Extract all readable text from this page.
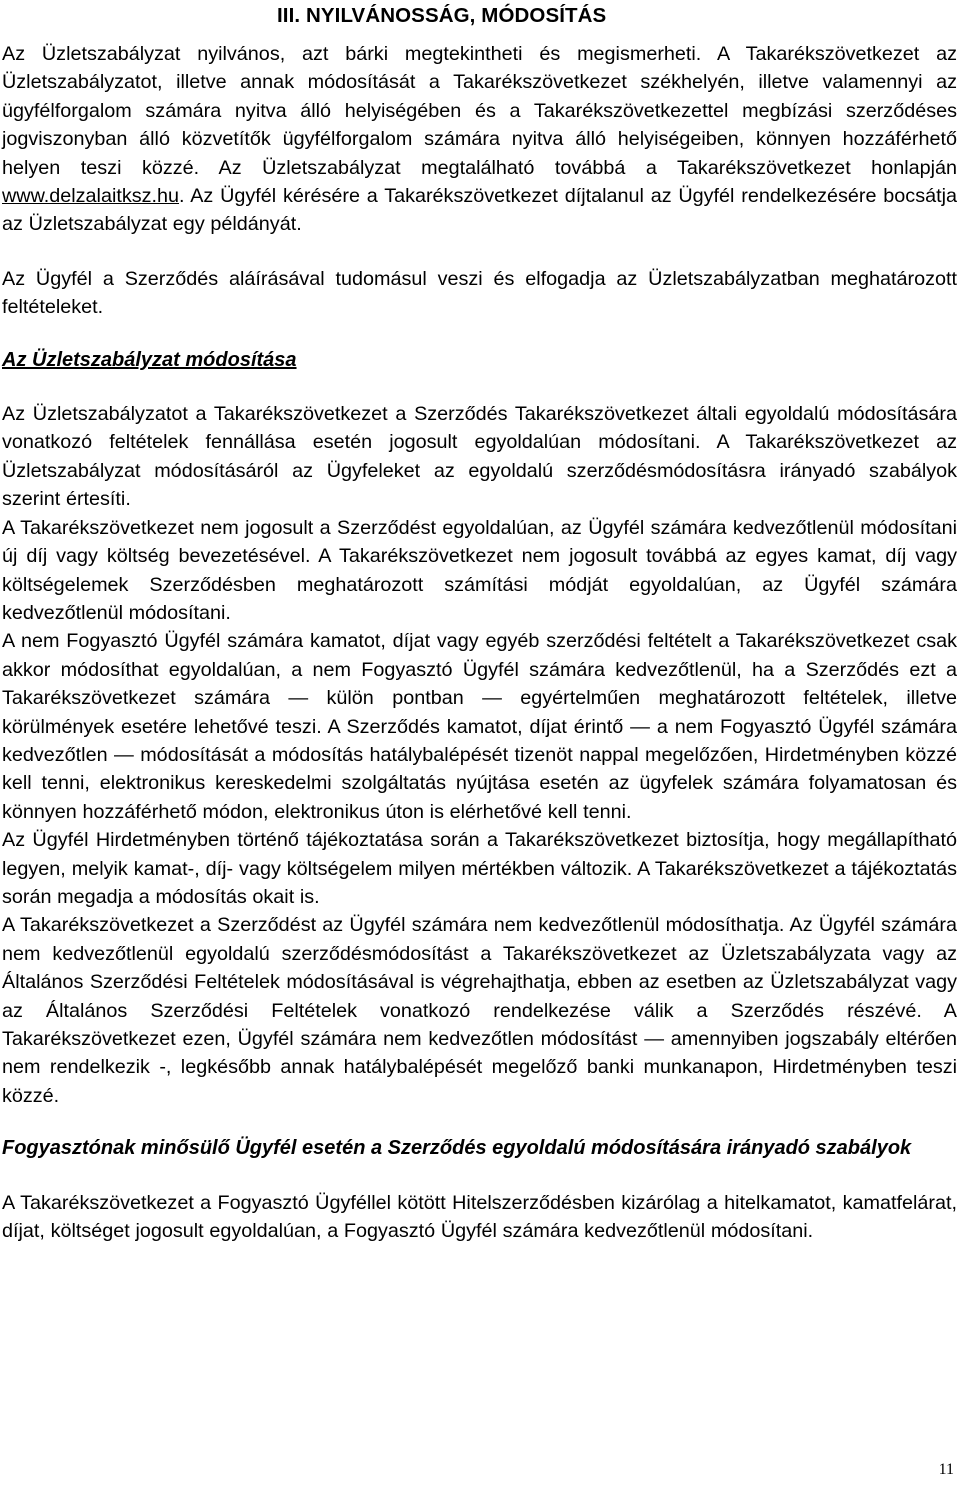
III. NYILVÁNOSSÁG, MÓDOSÍTÁS

Az Üzletszabályzat nyilvános, azt bárki megtekintheti és megismerheti. A Takarékszövetkezet az Üzletszabályzatot, illetve annak módosítását a Takarékszövetkezet székhelyén, illetve valamennyi az ügyfélforgalom számára nyitva álló helyiségében és a Takarékszövetkezettel megbízási szerződéses jogviszonyban álló közvetítők ügyfélforgalom számára nyitva álló helyiségeiben, könnyen hozzáférhető helyen teszi közzé. Az Üzletszabályzat megtalálható továbbá a Takarékszövetkezet honlapján www.delzalaitksz.hu. Az Ügyfél kérésére a Takarékszövetkezet díjtalanul az Ügyfél rendelkezésére bocsátja az Üzletszabályzat egy példányát.

Az Ügyfél a Szerződés aláírásával tudomásul veszi és elfogadja az Üzletszabályzatban meghatározott feltételeket.

Az Üzletszabályzat módosítása

Az Üzletszabályzatot a Takarékszövetkezet a Szerződés Takarékszövetkezet általi egyoldalú módosítására vonatkozó feltételek fennállása esetén jogosult egyoldalúan módosítani. A Takarékszövetkezet az Üzletszabályzat módosításáról az Ügyfeleket az egyoldalú szerződésmódosításra irányadó szabályok szerint értesíti.

A Takarékszövetkezet nem jogosult a Szerződést egyoldalúan, az Ügyfél számára kedvezőtlenül módosítani új díj vagy költség bevezetésével. A Takarékszövetkezet nem jogosult továbbá az egyes kamat, díj vagy költségelemek Szerződésben meghatározott számítási módját egyoldalúan, az Ügyfél számára kedvezőtlenül módosítani.

A nem Fogyasztó Ügyfél számára kamatot, díjat vagy egyéb szerződési feltételt a Takarékszövetkezet csak akkor módosíthat egyoldalúan, a nem Fogyasztó Ügyfél számára kedvezőtlenül, ha a Szerződés ezt a Takarékszövetkezet számára — külön pontban — egyértelműen meghatározott feltételek, illetve körülmények esetére lehetővé teszi. A Szerződés kamatot, díjat érintő — a nem Fogyasztó Ügyfél számára kedvezőtlen — módosítását a módosítás hatálybalépését tizenöt nappal megelőzően, Hirdetményben közzé kell tenni, elektronikus kereskedelmi szolgáltatás nyújtása esetén az ügyfelek számára folyamatosan és könnyen hozzáférhető módon, elektronikus úton is elérhetővé kell tenni.

Az Ügyfél Hirdetményben történő tájékoztatása során a Takarékszövetkezet biztosítja, hogy megállapítható legyen, melyik kamat-, díj- vagy költségelem milyen mértékben változik. A Takarékszövetkezet a tájékoztatás során megadja a módosítás okait is.

A Takarékszövetkezet a Szerződést az Ügyfél számára nem kedvezőtlenül módosíthatja. Az Ügyfél számára nem kedvezőtlenül egyoldalú szerződésmódosítást a Takarékszövetkezet az Üzletszabályzata vagy az Általános Szerződési Feltételek módosításával is végrehajthatja, ebben az esetben az Üzletszabályzat vagy az Általános Szerződési Feltételek vonatkozó rendelkezése válik a Szerződés részévé. A Takarékszövetkezet ezen, Ügyfél számára nem kedvezőtlen módosítást — amennyiben jogszabály eltérően nem rendelkezik -, legkésőbb annak hatálybalépését megelőző banki munkanapon, Hirdetményben teszi közzé.

Fogyasztónak minősülő Ügyfél esetén a Szerződés egyoldalú módosítására irányadó szabályok

A Takarékszövetkezet a Fogyasztó Ügyféllel kötött Hitelszerződésben kizárólag a hitelkamatot, kamatfelárat, díjat, költséget jogosult egyoldalúan, a Fogyasztó Ügyfél számára kedvezőtlenül módosítani.

11
